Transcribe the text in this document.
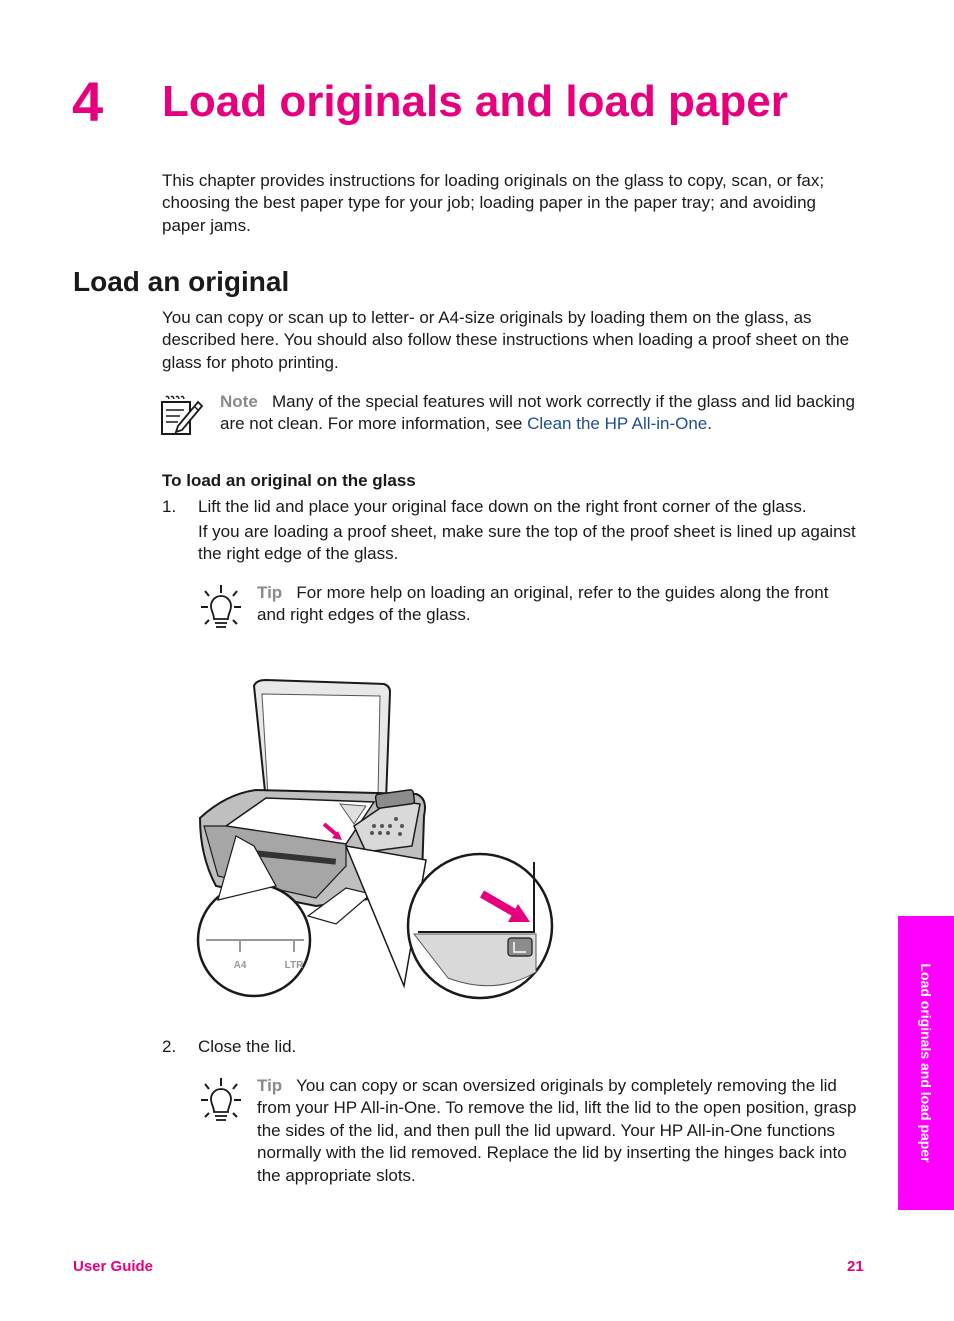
4 Load originals and load paper
This chapter provides instructions for loading originals on the glass to copy, scan, or fax; choosing the best paper type for your job; loading paper in the paper tray; and avoiding paper jams.
Load an original
You can copy or scan up to letter- or A4-size originals by loading them on the glass, as described here. You should also follow these instructions when loading a proof sheet on the glass for photo printing.
Note Many of the special features will not work correctly if the glass and lid backing are not clean. For more information, see Clean the HP All-in-One.
To load an original on the glass
1. Lift the lid and place your original face down on the right front corner of the glass.
If you are loading a proof sheet, make sure the top of the proof sheet is lined up against the right edge of the glass.
Tip For more help on loading an original, refer to the guides along the front and right edges of the glass.
A4	LTR
2. Close the lid.
Tip You can copy or scan oversized originals by completely removing the lid from your HP All-in-One. To remove the lid, lift the lid to the open position, grasp the sides of the lid, and then pull the lid upward. Your HP All-in-One functions normally with the lid removed. Replace the lid by inserting the hinges back into the appropriate slots.
Load originals and load paper
User Guide	21
